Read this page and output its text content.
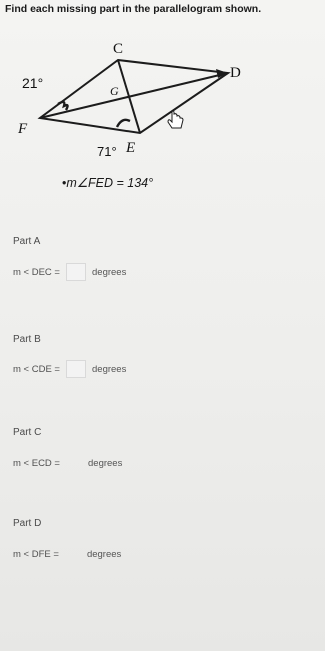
Find each missing part in the parallelogram shown.
C
D
G
F
E
21°
71°
•m∠FED = 134°
Part A
m < DEC =	degrees
Part B
m < CDE =	degrees
Part C
m < ECD =	degrees
Part D
m < DFE =	degrees
